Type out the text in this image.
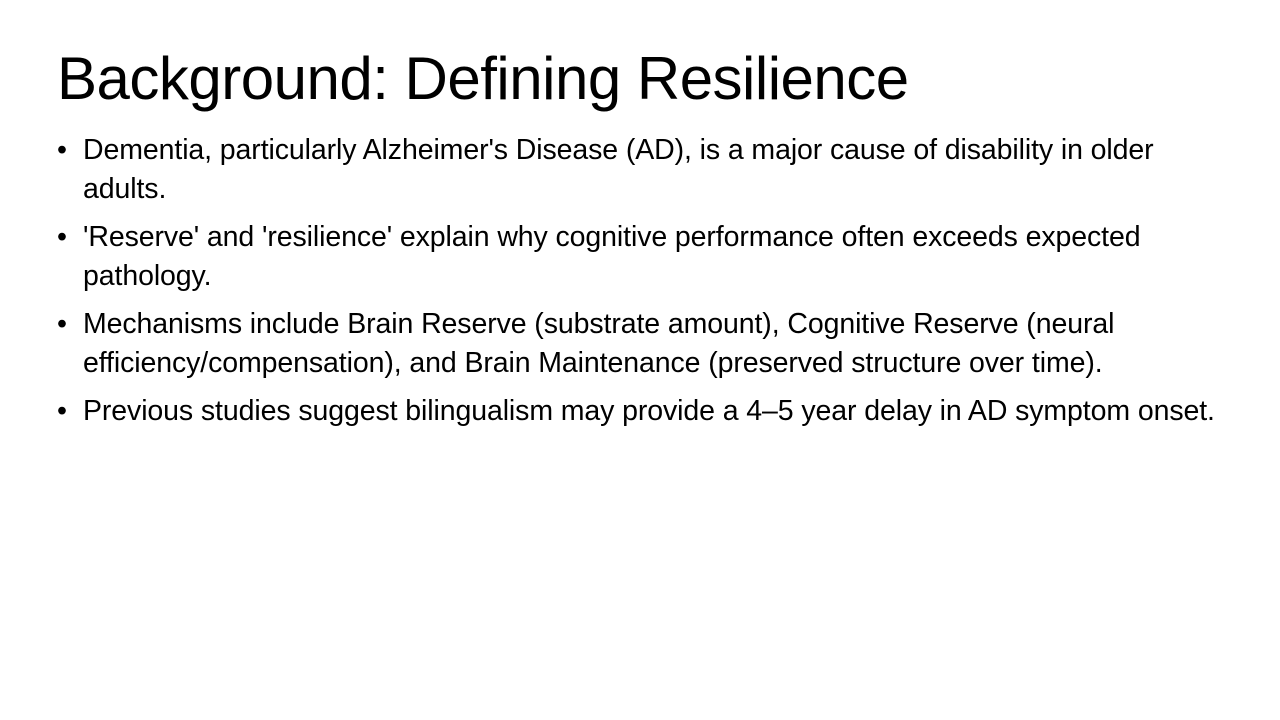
Background: Defining Resilience
• Dementia, particularly Alzheimer's Disease (AD), is a major cause of disability in older adults.
• 'Reserve' and 'resilience' explain why cognitive performance often exceeds expected pathology.
• Mechanisms include Brain Reserve (substrate amount), Cognitive Reserve (neural efficiency/compensation), and Brain Maintenance (preserved structure over time).
• Previous studies suggest bilingualism may provide a 4–5 year delay in AD symptom onset.
